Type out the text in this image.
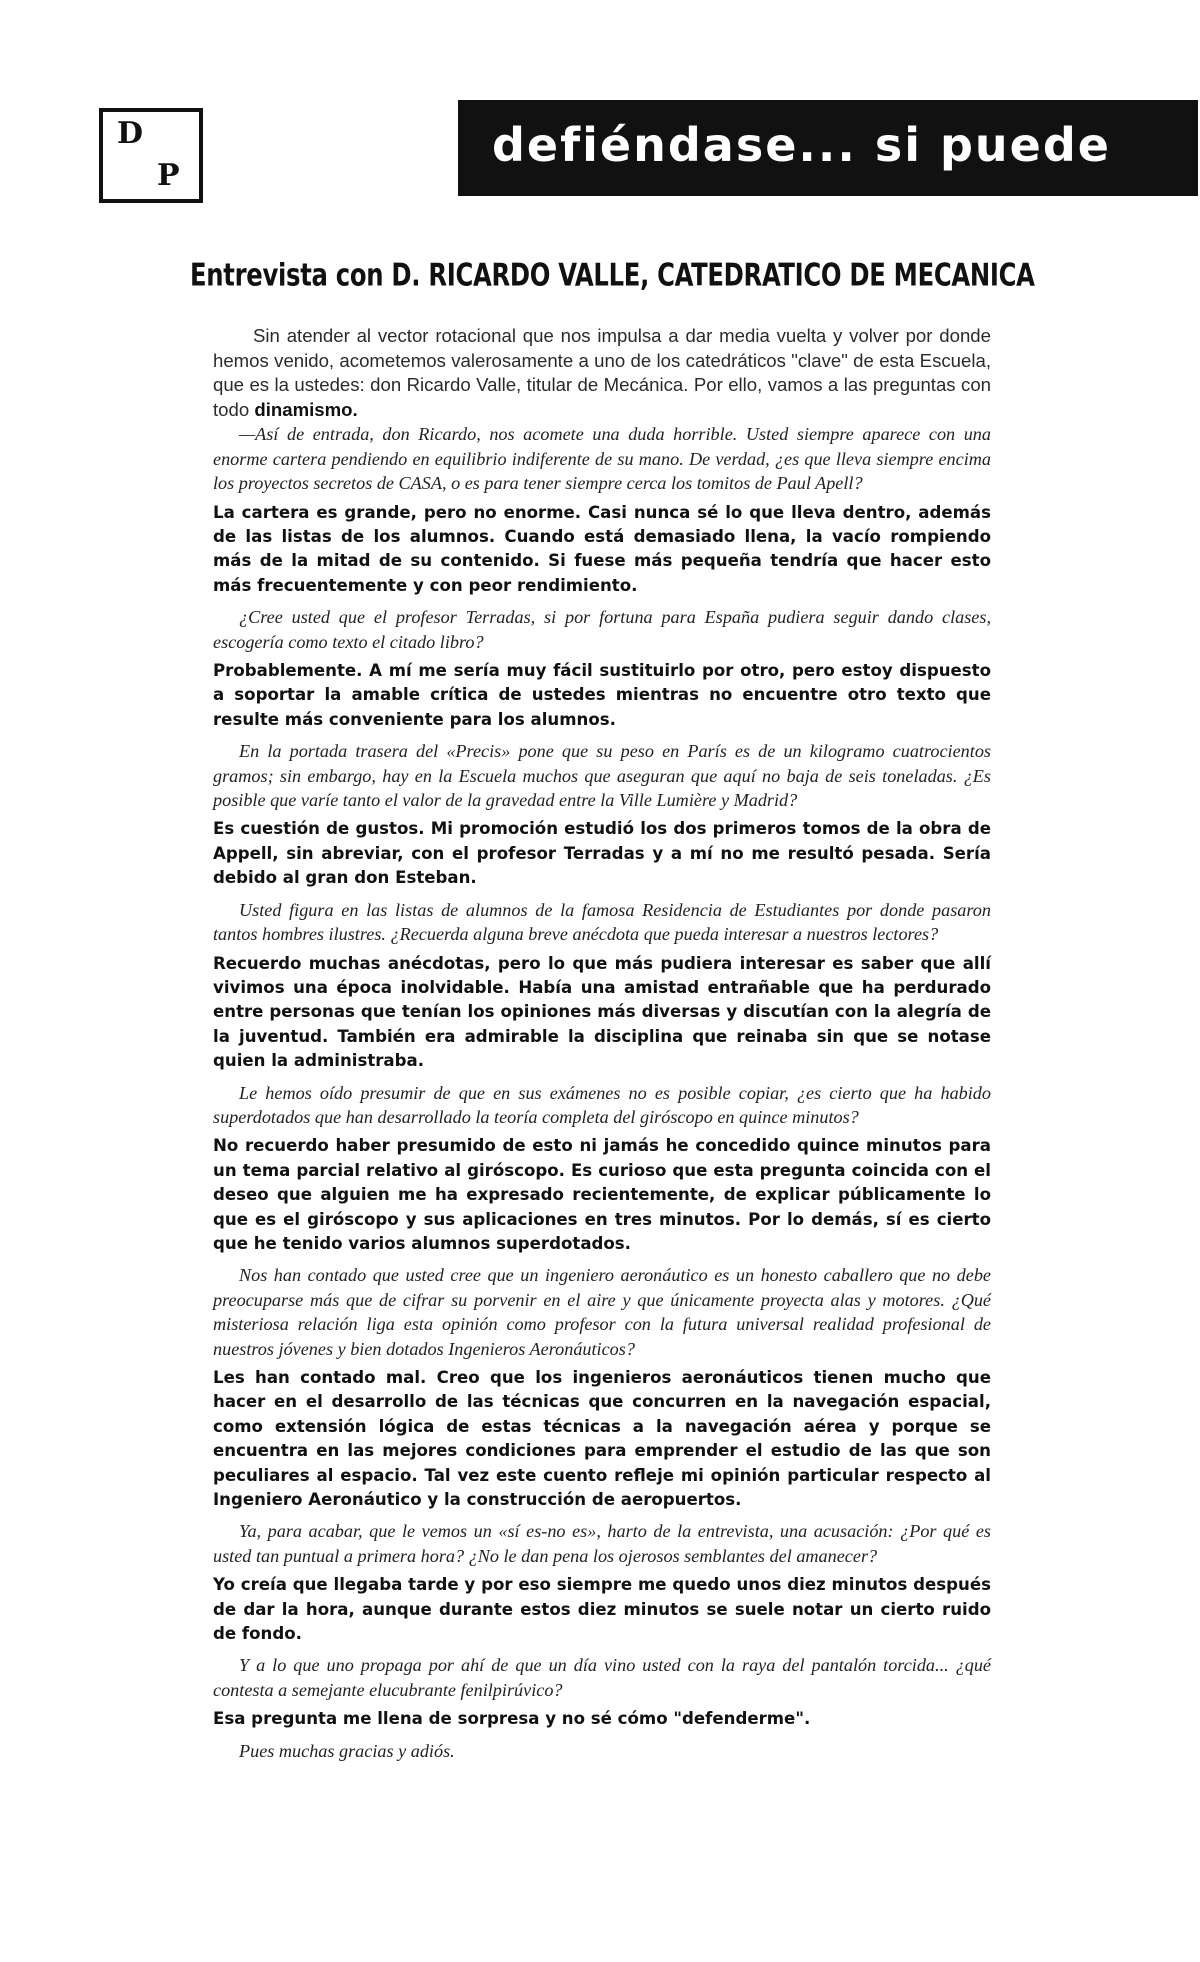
D
P
defiéndase... si puede
Entrevista con D. RICARDO VALLE, CATEDRATICO DE MECANICA

Sin atender al vector rotacional que nos impulsa a dar media vuelta y volver por donde hemos venido, acometemos valerosamente a uno de los catedráticos "clave" de esta Escuela, que es la ustedes: don Ricardo Valle, titular de Mecánica. Por ello, vamos a las preguntas con todo dinamismo.

—Así de entrada, don Ricardo, nos acomete una duda horrible. Usted siempre aparece con una enorme cartera pendiendo en equilibrio indiferente de su mano. De verdad, ¿es que lleva siempre encima los proyectos secretos de CASA, o es para tener siempre cerca los tomitos de Paul Apell?

La cartera es grande, pero no enorme. Casi nunca sé lo que lleva dentro, además de las listas de los alumnos. Cuando está demasiado llena, la vacío rompiendo más de la mitad de su contenido. Si fuese más pequeña tendría que hacer esto más frecuentemente y con peor rendimiento.

¿Cree usted que el profesor Terradas, si por fortuna para España pudiera seguir dando clases, escogería como texto el citado libro?

Probablemente. A mí me sería muy fácil sustituirlo por otro, pero estoy dispuesto a soportar la amable crítica de ustedes mientras no encuentre otro texto que resulte más conveniente para los alumnos.

En la portada trasera del «Precis» pone que su peso en París es de un kilogramo cuatrocientos gramos; sin embargo, hay en la Escuela muchos que aseguran que aquí no baja de seis toneladas. ¿Es posible que varíe tanto el valor de la gravedad entre la Ville Lumière y Madrid?

Es cuestión de gustos. Mi promoción estudió los dos primeros tomos de la obra de Appell, sin abreviar, con el profesor Terradas y a mí no me resultó pesada. Sería debido al gran don Esteban.

Usted figura en las listas de alumnos de la famosa Residencia de Estudiantes por donde pasaron tantos hombres ilustres. ¿Recuerda alguna breve anécdota que pueda interesar a nuestros lectores?

Recuerdo muchas anécdotas, pero lo que más pudiera interesar es saber que allí vivimos una época inolvidable. Había una amistad entrañable que ha perdurado entre personas que tenían los opiniones más diversas y discutían con la alegría de la juventud. También era admirable la disciplina que reinaba sin que se notase quien la administraba.

Le hemos oído presumir de que en sus exámenes no es posible copiar, ¿es cierto que ha habido superdotados que han desarrollado la teoría completa del giróscopo en quince minutos?

No recuerdo haber presumido de esto ni jamás he concedido quince minutos para un tema parcial relativo al giróscopo. Es curioso que esta pregunta coincida con el deseo que alguien me ha expresado recientemente, de explicar públicamente lo que es el giróscopo y sus aplicaciones en tres minutos. Por lo demás, sí es cierto que he tenido varios alumnos superdotados.

Nos han contado que usted cree que un ingeniero aeronáutico es un honesto caballero que no debe preocuparse más que de cifrar su porvenir en el aire y que únicamente proyecta alas y motores. ¿Qué misteriosa relación liga esta opinión como profesor con la futura universal realidad profesional de nuestros jóvenes y bien dotados Ingenieros Aeronáuticos?

Les han contado mal. Creo que los ingenieros aeronáuticos tienen mucho que hacer en el desarrollo de las técnicas que concurren en la navegación espacial, como extensión lógica de estas técnicas a la navegación aérea y porque se encuentra en las mejores condiciones para emprender el estudio de las que son peculiares al espacio. Tal vez este cuento refleje mi opinión particular respecto al Ingeniero Aeronáutico y la construcción de aeropuertos.

Ya, para acabar, que le vemos un «sí es-no es», harto de la entrevista, una acusación: ¿Por qué es usted tan puntual a primera hora? ¿No le dan pena los ojerosos semblantes del amanecer?

Yo creía que llegaba tarde y por eso siempre me quedo unos diez minutos después de dar la hora, aunque durante estos diez minutos se suele notar un cierto ruido de fondo.

Y a lo que uno propaga por ahí de que un día vino usted con la raya del pantalón torcida... ¿qué contesta a semejante elucubrante fenilpirúvico?

Esa pregunta me llena de sorpresa y no sé cómo "defenderme".

Pues muchas gracias y adiós.
